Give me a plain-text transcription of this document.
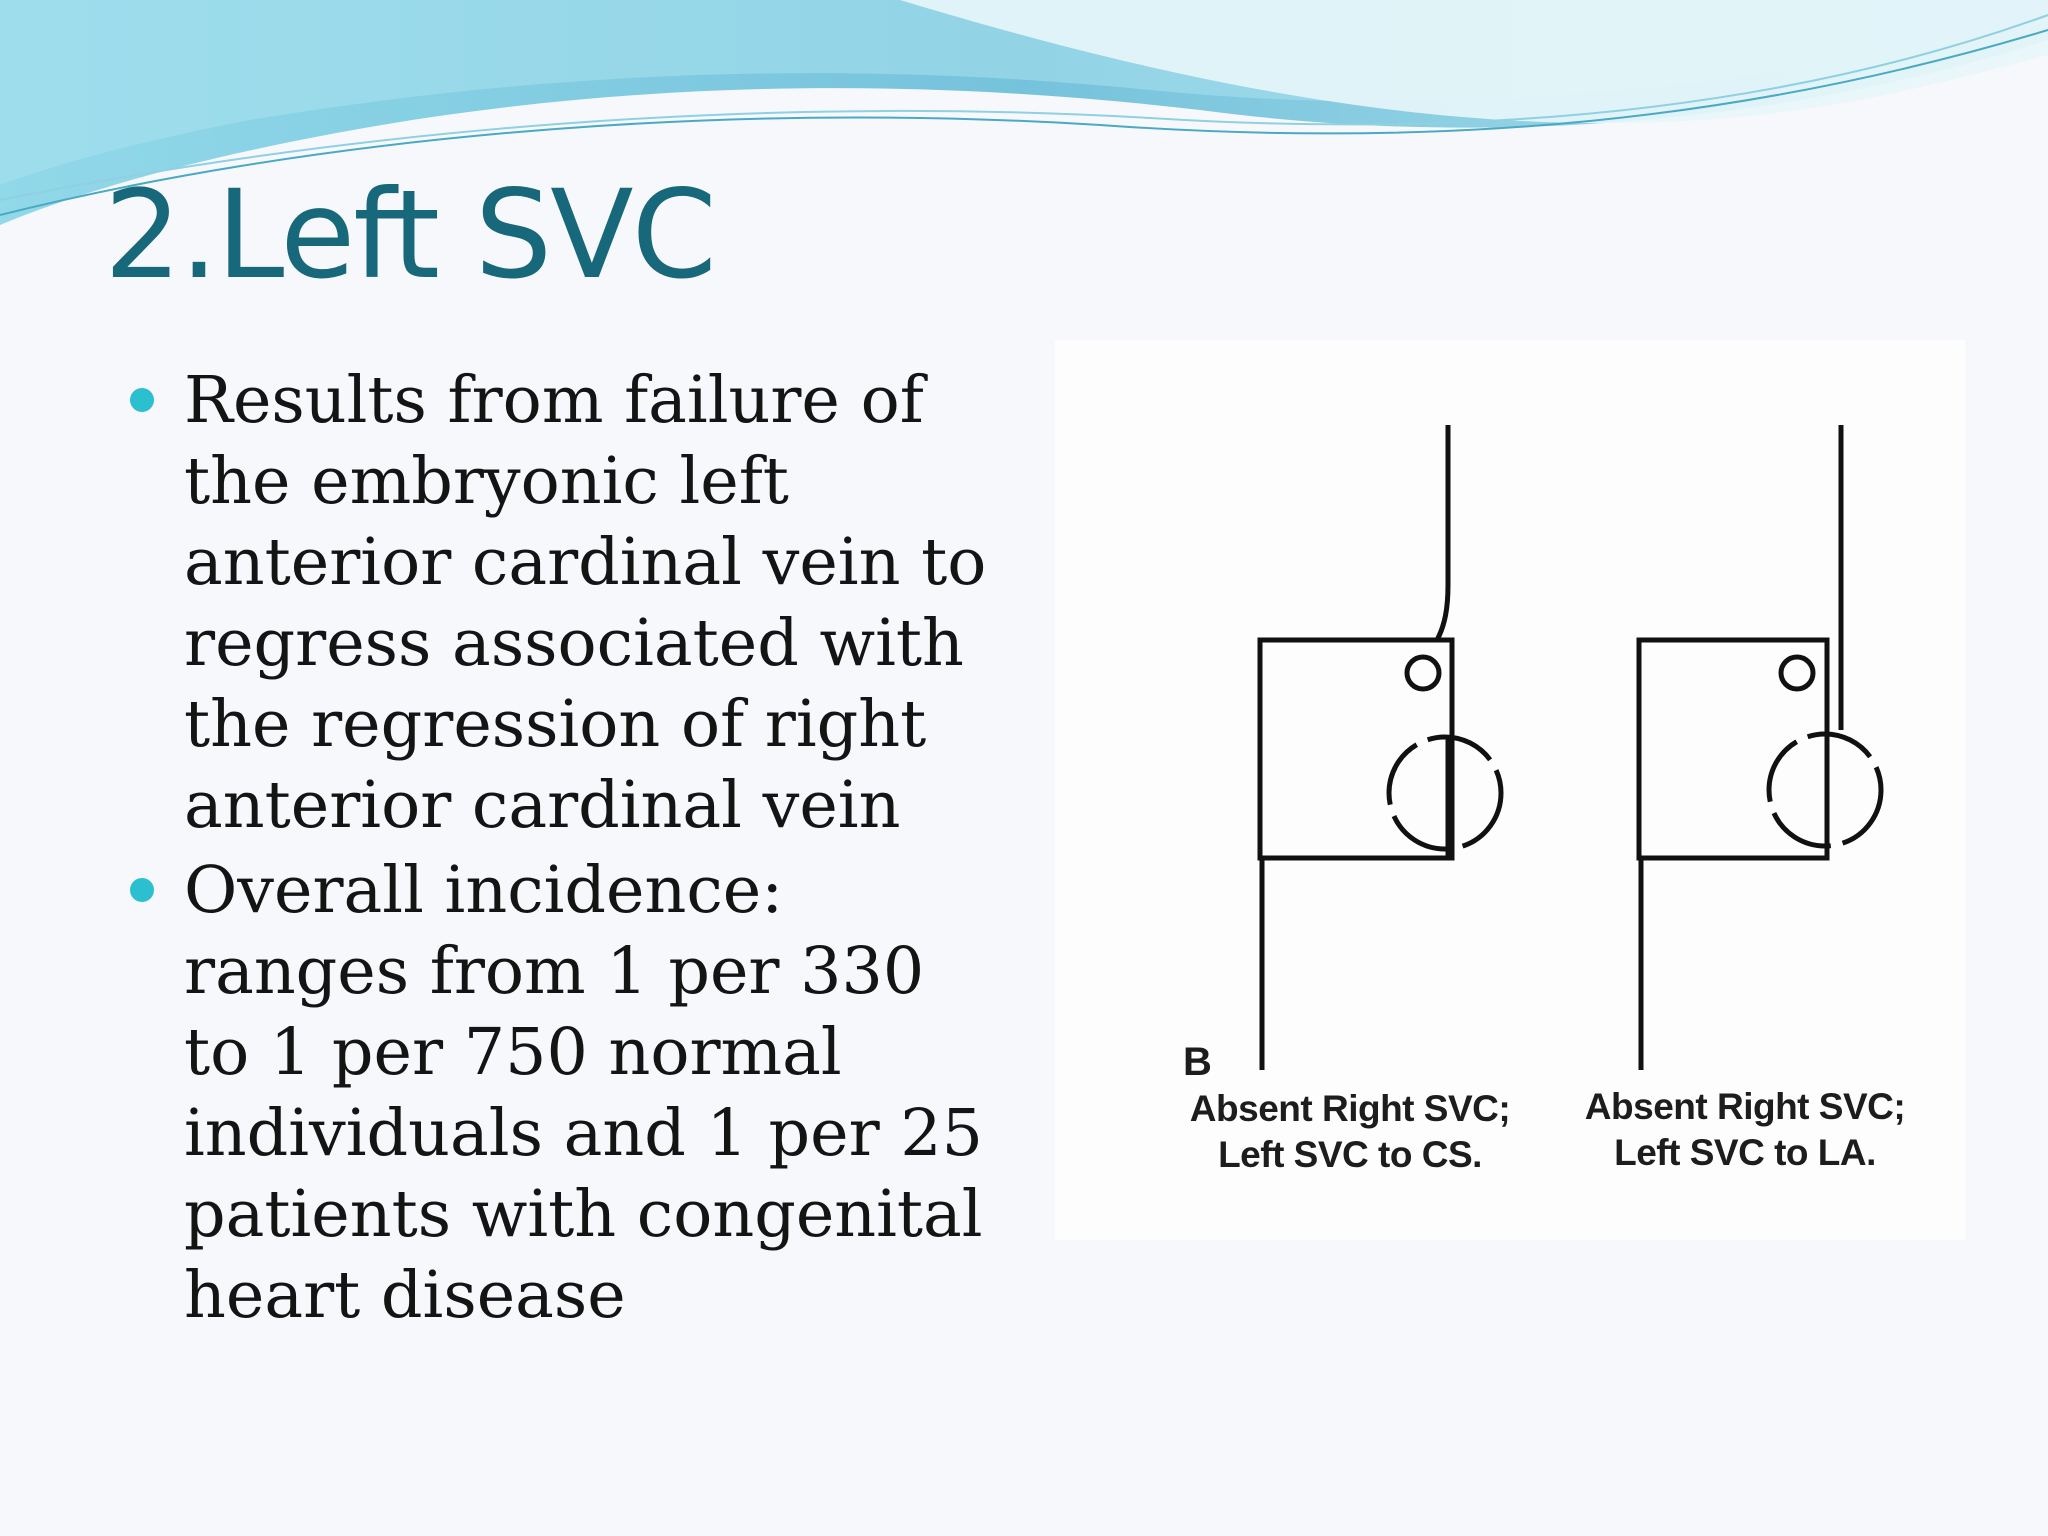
2.Left SVC
Results from failure of the embryonic left anterior cardinal vein to regress associated with the regression of right anterior cardinal vein
Overall incidence: ranges from 1 per 330 to 1 per 750 normal individuals and 1 per 25 patients with congenital heart disease
B
Absent Right SVC;
Left SVC to CS.
Absent Right SVC;
Left SVC to LA.
